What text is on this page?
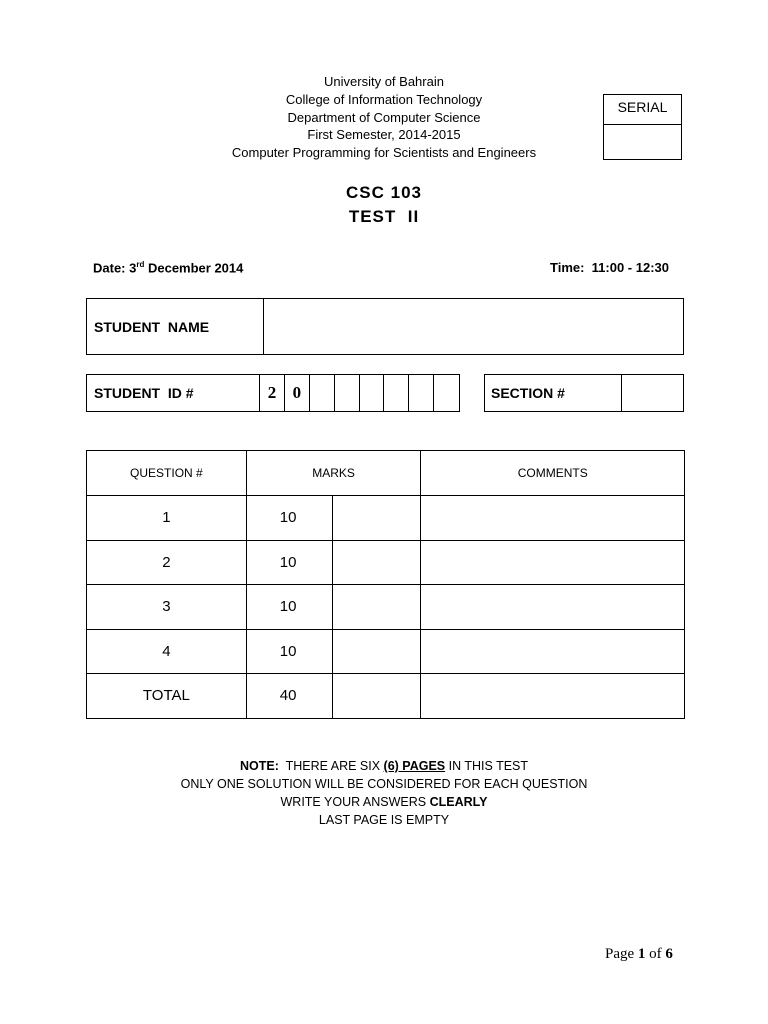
University of Bahrain
College of Information Technology
Department of Computer Science
First Semester, 2014-2015
Computer Programming for Scientists and Engineers
SERIAL
CSC 103
TEST  II
Date: 3rd December 2014	Time:  11:00 - 12:30
STUDENT  NAME
STUDENT  ID #	2 0	SECTION #
QUESTION #	MARKS		COMMENTS
1	10		
2	10		
3	10		
4	10		
TOTAL	40		
NOTE:  THERE ARE SIX (6) PAGES IN THIS TEST
ONLY ONE SOLUTION WILL BE CONSIDERED FOR EACH QUESTION
WRITE YOUR ANSWERS CLEARLY
LAST PAGE IS EMPTY
Page 1 of 6
